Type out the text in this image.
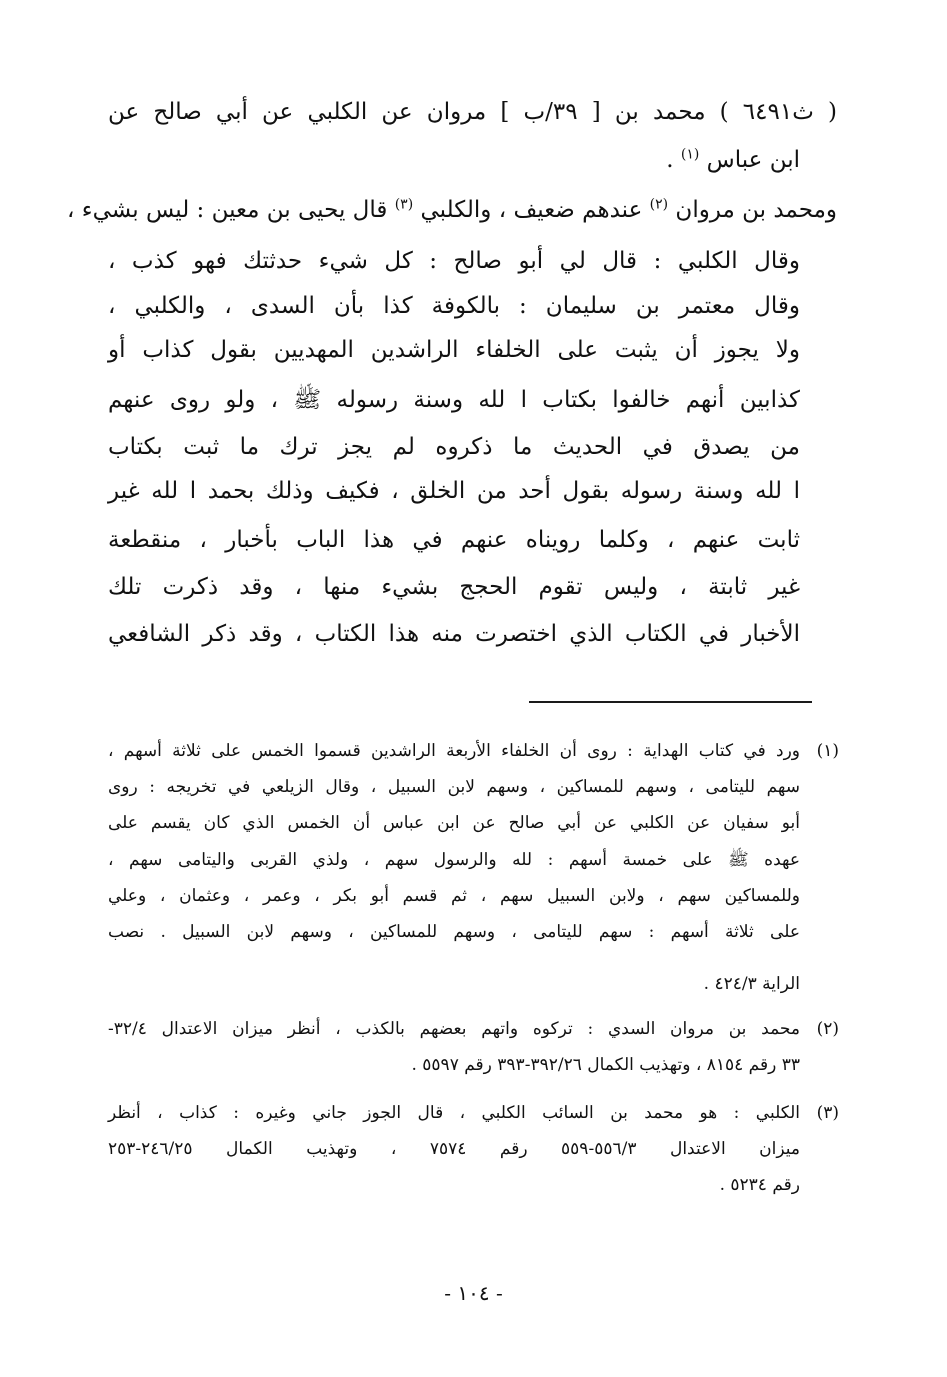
( ث٦٤٩١ ) محمد بن [ ٣٩/ب ] مروان عن الكلبي عن أبي صالح عن
ابن عباس $^{(١)}$ .
ومحمد بن مروان $^{(٢)}$ عندهم ضعيف ، والكلبي $^{(٣)}$ قال يحيى بن معين : ليس بشيء ،
وقال الكلبي : قال لي أبو صالح : كل شيء حدثتك فهو كذب ،
وقال معتمر بن سليمان : بالكوفة كذا بأن السدى ، والكلبي ،
ولا يجوز أن يثبت على الخلفاء الراشدين المهديين بقول كذاب أو
كذابين أنهم خالفوا بكتاب ا لله وسنة رسوله ﷺ ، ولو روى عنهم
من يصدق في الحديث ما ذكروه لم يجز ترك ما ثبت بكتاب
ا لله وسنة رسوله بقول أحد من الخلق ، فكيف وذلك بحمد ا لله غير
ثابت عنهم ، وكلما رويناه عنهم في هذا الباب بأخبار ، منقطعة
غير ثابتة ، وليس تقوم الحجج بشيء منها ، وقد ذكرت تلك
الأخبار في الكتاب الذي اختصرت منه هذا الكتاب ، وقد ذكر الشافعي
(١)
ورد في كتاب الهداية : روى أن الخلفاء الأربعة الراشدين قسموا الخمس على ثلاثة أسهم ،
سهم لليتامى ، وسهم للمساكين ، وسهم لابن السبيل ، وقال الزيلعي في تخريجه : روى
أبو سفيان عن الكلبي عن أبي صالح عن ابن عباس أن الخمس الذي كان يقسم على
عهده ﷺ على خمسة أسهم : لله والرسول سهم ، ولذي القربى واليتامى سهم ،
وللمساكين سهم ، ولابن السبيل سهم ، ثم قسم أبو بكر ، وعمر ، وعثمان ، وعلي
على ثلاثة أسهم : سهم لليتامى ، وسهم للمساكين ، وسهم لابن السبيل . نصب
الراية ٤٢٤/٣ .
(٢)
محمد بن مروان السدي : تركوه واتهم بعضهم بالكذب ، أنظر ميزان الاعتدال ٣٢/٤-
٣٣ رقم ٨١٥٤ ، وتهذيب الكمال ٣٩٢/٢٦-٣٩٣ رقم ٥٥٩٧ .
(٣)
الكلبي : هو محمد بن السائب الكلبي ، قال الجوز جاني وغيره : كذاب ، أنظر
ميزان الاعتدال ٥٥٦/٣-٥٥٩ رقم ٧٥٧٤ ، وتهذيب الكمال ٢٤٦/٢٥-٢٥٣
رقم ٥٢٣٤ .
- ١٠٤ -
